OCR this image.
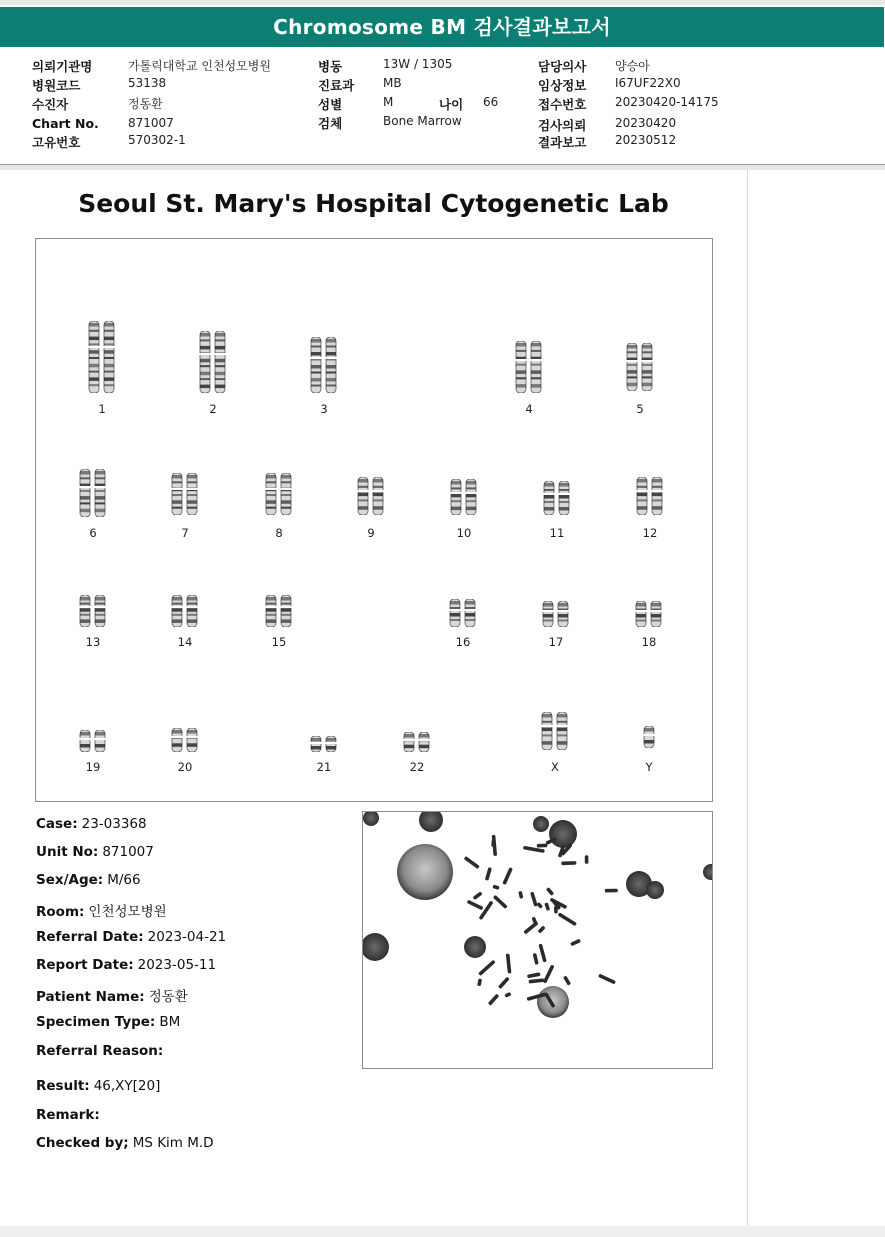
Chromosome BM 검사결과보고서
의뢰기관명	가톨릭대학교 인천성모병원
병원코드	53138
수진자	정동환
Chart No. 871007
고유번호	570302-1
병동	13W / 1305
진료과 MB
성별	M	나이 66
검체	Bone Marrow
담당의사 양승아
임상정보 I67UF22X0
접수번호 20230420-14175
검사의뢰 20230420
결과보고 20230512
Seoul St. Mary's Hospital Cytogenetic Lab
1	2	3	4	5
6	7	8	9	10	11	12
13	14	15	16	17	18
19	20	21	22	X	Y
Case: 23-03368
Unit No: 871007
Sex/Age: M/66
Room: 인천성모병원
Referral Date: 2023-04-21
Report Date: 2023-05-11
Patient Name: 정동환
Specimen Type: BM
Referral Reason:
Result: 46,XY[20]
Remark:
Checked by; MS Kim M.D
